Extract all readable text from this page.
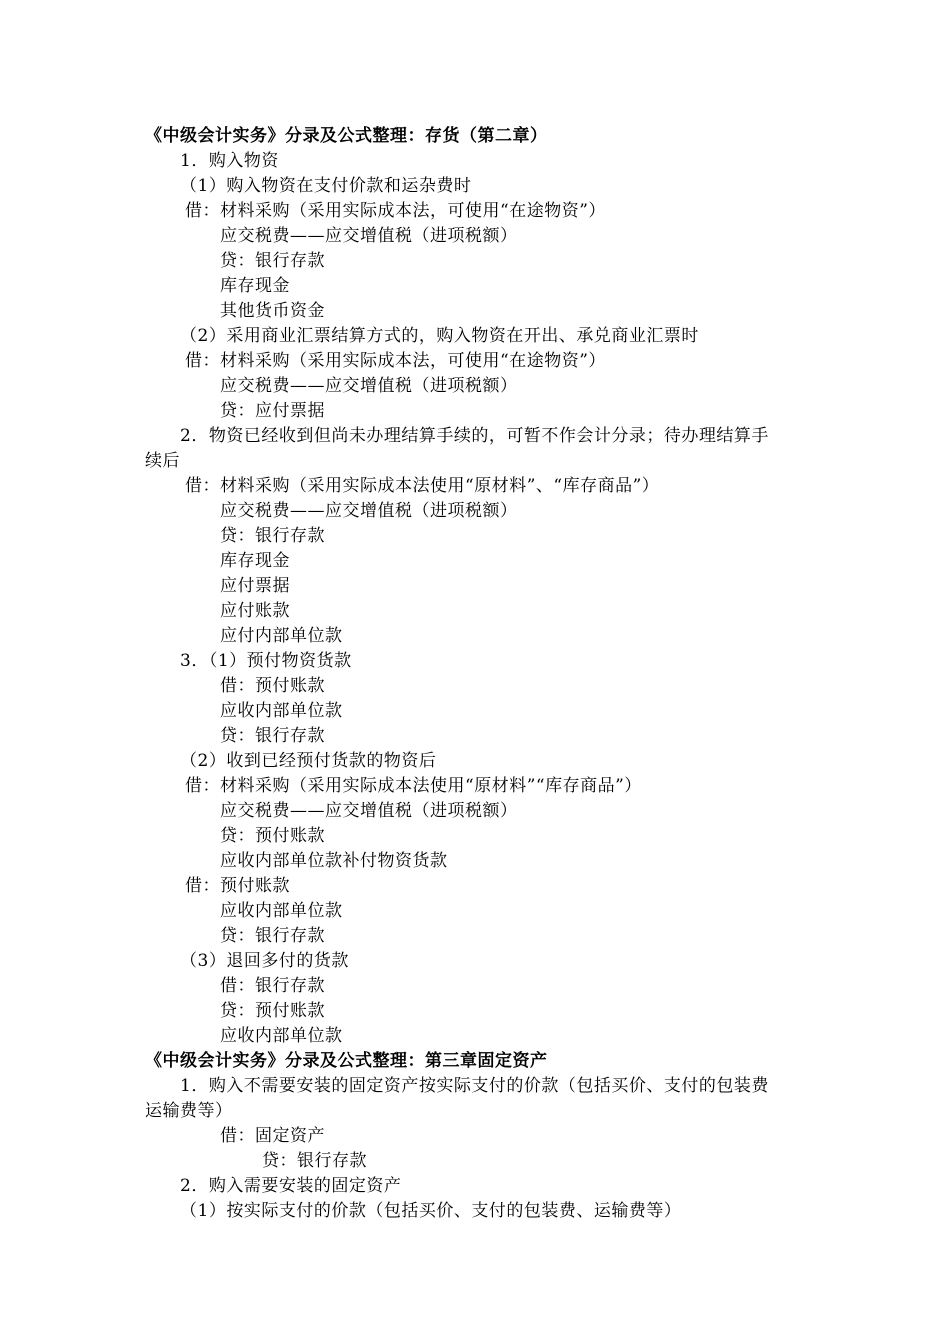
《中级会计实务》分录及公式整理：存货（第二章）
1．购入物资
（1）购入物资在支付价款和运杂费时
借：材料采购（采用实际成本法，可使用“在途物资”）
应交税费——应交增值税（进项税额）
贷：银行存款
库存现金
其他货币资金
（2）采用商业汇票结算方式的，购入物资在开出、承兑商业汇票时
借：材料采购（采用实际成本法，可使用“在途物资”）
应交税费——应交增值税（进项税额）
贷：应付票据
2．物资已经收到但尚未办理结算手续的，可暂不作会计分录；待办理结算手
续后
借：材料采购（采用实际成本法使用“原材料”、“库存商品”）
应交税费——应交增值税（进项税额）
贷：银行存款
库存现金
应付票据
应付账款
应付内部单位款
3．（1）预付物资货款
借：预付账款
应收内部单位款
贷：银行存款
（2）收到已经预付货款的物资后
借：材料采购（采用实际成本法使用“原材料”“库存商品”）
应交税费——应交增值税（进项税额）
贷：预付账款
应收内部单位款补付物资货款
借：预付账款
应收内部单位款
贷：银行存款
（3）退回多付的货款
借：银行存款
贷：预付账款
应收内部单位款
《中级会计实务》分录及公式整理：第三章固定资产
1．购入不需要安装的固定资产按实际支付的价款（包括买价、支付的包装费
运输费等）
借：固定资产
贷：银行存款
2．购入需要安装的固定资产
（1）按实际支付的价款（包括买价、支付的包装费、运输费等）
